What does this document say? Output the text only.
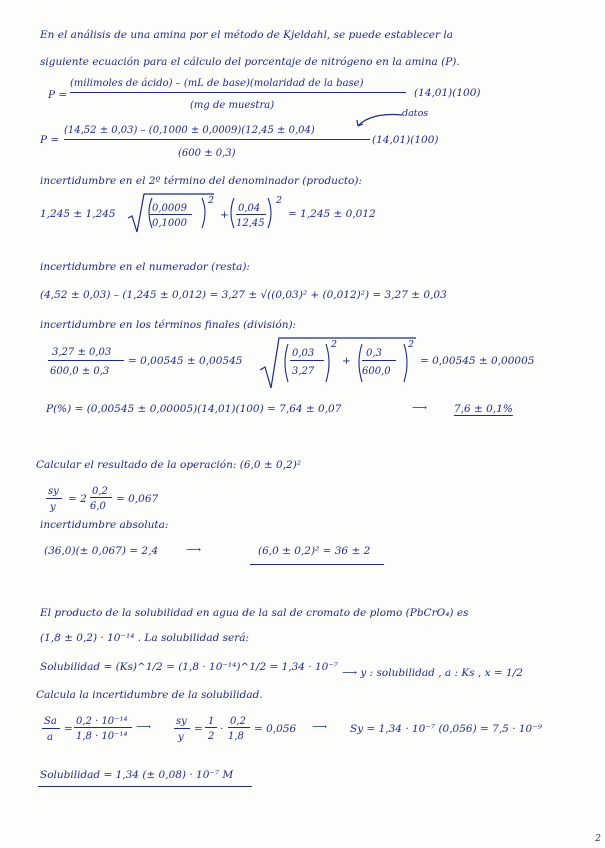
En el análisis de una amina por el método de Kjeldahl, se puede establecer la
siguiente ecuación para el cálculo del porcentaje de nitrógeno en la amina (P).
P =
(milimoles de ácido) – (mL de base)(molaridad de la base)
(mg de muestra)
(14,01)(100)
datos
P =
(14,52 ± 0,03) – (0,1000 ± 0,0009)(12,45 ± 0,04)
(600 ± 0,3)
(14,01)(100)
incertidumbre en el 2º término del denominador (producto):
1,245 ± 1,245	0,0009
0,1000
2
+
0,04
12,45
2
= 1,245 ± 0,012
incertidumbre en el numerador (resta):
(4,52 ± 0,03) – (1,245 ± 0,012) = 3,27 ± √((0,03)² + (0,012)²) = 3,27 ± 0,03
incertidumbre en los términos finales (división):
3,27 ± 0,03
600,0 ± 0,3
= 0,00545 ± 0,00545
0,03
3,27
2
+
0,3
600,0
2
= 0,00545 ± 0,00005
P(%) = (0,00545 ± 0,00005)(14,01)(100) = 7,64 ± 0,07	⟶	7,6 ± 0,1%
Calcular el resultado de la operación: (6,0 ± 0,2)²
sy
y
= 2
0,2
6,0
= 0,067
incertidumbre absoluta:
(36,0)(± 0,067) = 2,4	⟶	(6,0 ± 0,2)² = 36 ± 2
El producto de la solubilidad en agua de la sal de cromato de plomo (PbCrO₄) es
(1,8 ± 0,2) · 10⁻¹⁴ . La solubilidad será:
Solubilidad = (Ks)^1/2 = (1,8 · 10⁻¹⁴)^1/2 = 1,34 · 10⁻⁷ ⟶ y : solubilidad , a : Ks , x = 1/2
Calcula la incertidumbre de la solubilidad.
Sa
a
=
0,2 · 10⁻¹⁴
1,8 · 10⁻¹⁴
⟶ sy
y
=
1
2
·
0,2
1,8
= 0,056 ⟶ Sy = 1,34 · 10⁻⁷ (0,056) = 7,5 · 10⁻⁹
Solubilidad = 1,34 (± 0,08) · 10⁻⁷ M
2
